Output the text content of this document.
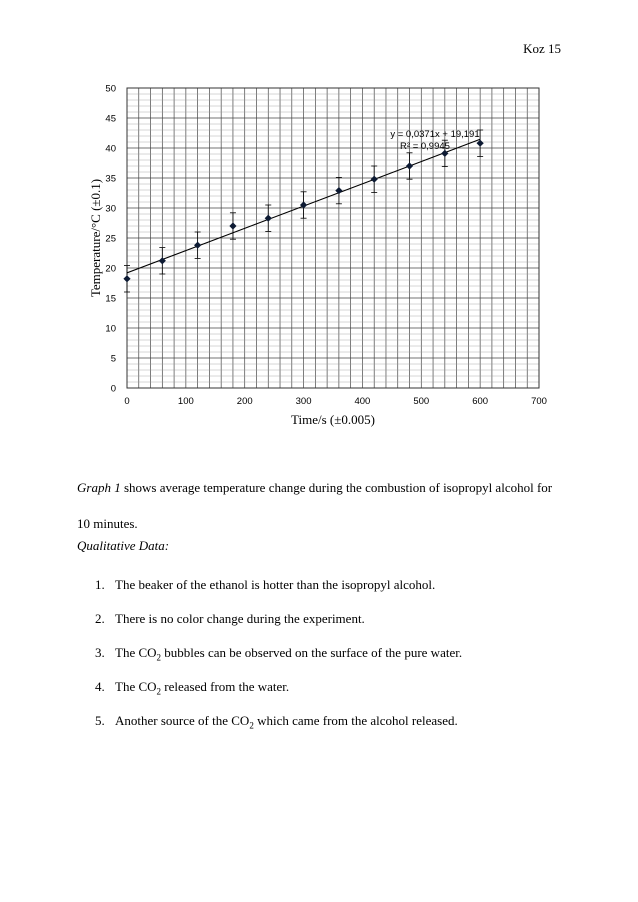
Koz 15
0	100	200	300	400	500	600	700
0
5
10
15
20
25
30
35
40
45
50
y = 0,0371x + 19,191
R² = 0,9945
Temperature/°C (±0.1)
Time/s (±0.005)
Graph 1 shows average temperature change during the combustion of isopropyl alcohol for 10 minutes.
Qualitative Data:
1. The beaker of the ethanol is hotter than the isopropyl alcohol.
2. There is no color change during the experiment.
3. The $CO_2$ bubbles can be observed on the surface of the pure water.
4. The $CO_2$ released from the water.
5. Another source of the $CO_2$ which came from the alcohol released.
